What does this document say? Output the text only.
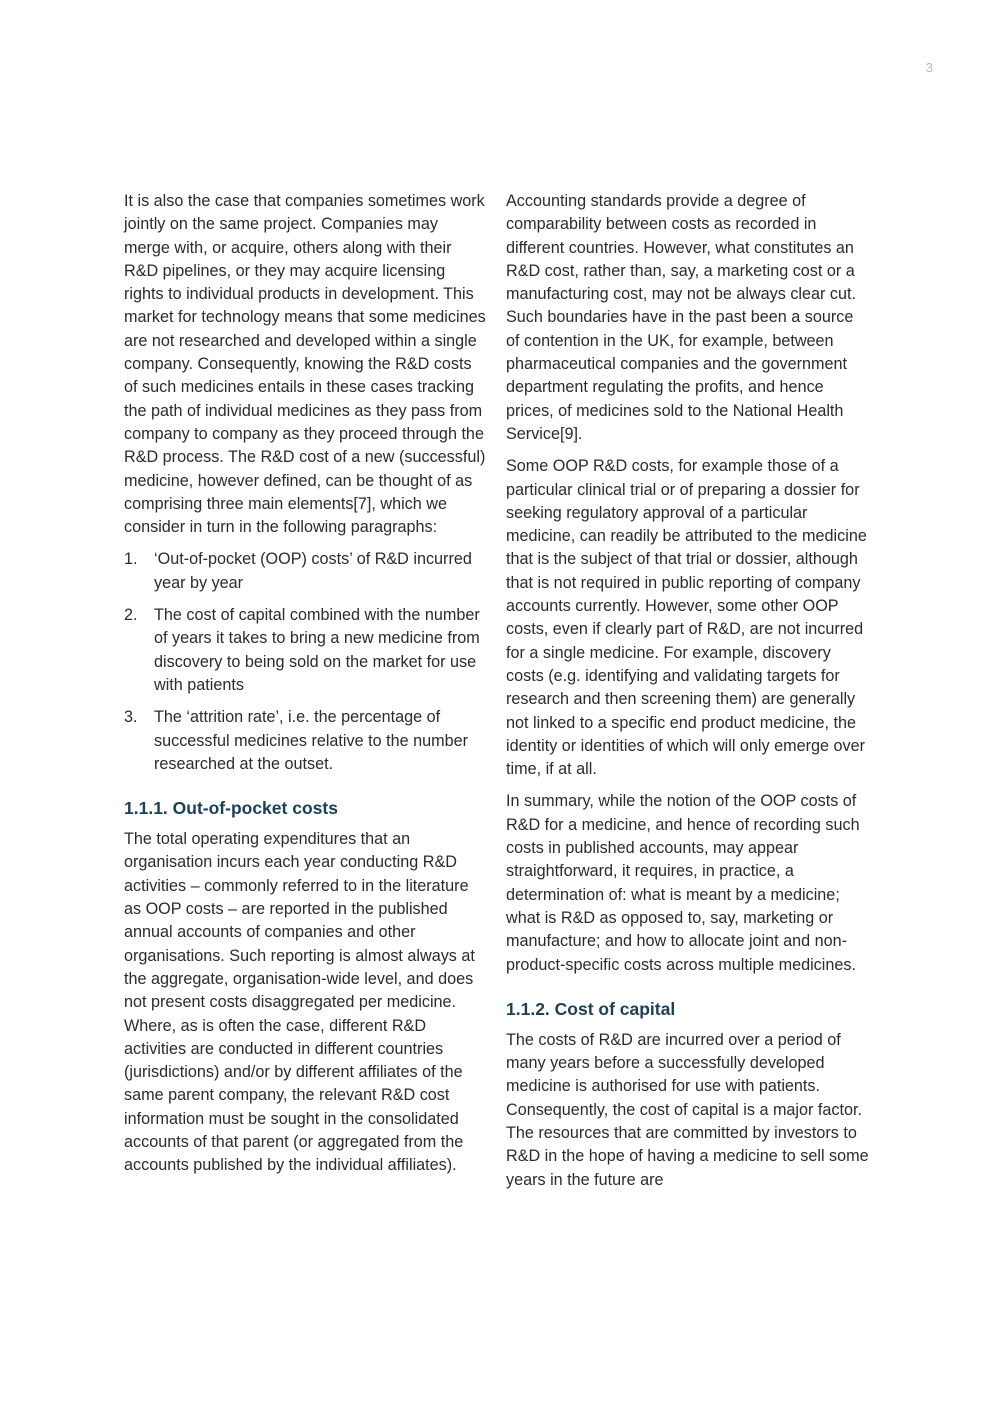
3

It is also the case that companies sometimes work jointly on the same project. Companies may merge with, or acquire, others along with their R&D pipelines, or they may acquire licensing rights to individual products in development. This market for technology means that some medicines are not researched and developed within a single company. Consequently, knowing the R&D costs of such medicines entails in these cases tracking the path of individual medicines as they pass from company to company as they proceed through the R&D process. The R&D cost of a new (successful) medicine, however defined, can be thought of as comprising three main elements[7], which we consider in turn in the following paragraphs:

1. ‘Out-of-pocket (OOP) costs’ of R&D incurred year by year
2. The cost of capital combined with the number of years it takes to bring a new medicine from discovery to being sold on the market for use with patients
3. The ‘attrition rate’, i.e. the percentage of successful medicines relative to the number researched at the outset.
1.1.1. Out-of-pocket costs

The total operating expenditures that an organisation incurs each year conducting R&D activities – commonly referred to in the literature as OOP costs – are reported in the published annual accounts of companies and other organisations. Such reporting is almost always at the aggregate, organisation-wide level, and does not present costs disaggregated per medicine. Where, as is often the case, different R&D activities are conducted in different countries (jurisdictions) and/or by different affiliates of the same parent company, the relevant R&D cost information must be sought in the consolidated accounts of that parent (or aggregated from the accounts published by the individual affiliates).

Accounting standards provide a degree of comparability between costs as recorded in different countries. However, what constitutes an R&D cost, rather than, say, a marketing cost or a manufacturing cost, may not be always clear cut. Such boundaries have in the past been a source of contention in the UK, for example, between pharmaceutical companies and the government department regulating the profits, and hence prices, of medicines sold to the National Health Service[9].

Some OOP R&D costs, for example those of a particular clinical trial or of preparing a dossier for seeking regulatory approval of a particular medicine, can readily be attributed to the medicine that is the subject of that trial or dossier, although that is not required in public reporting of company accounts currently. However, some other OOP costs, even if clearly part of R&D, are not incurred for a single medicine. For example, discovery costs (e.g. identifying and validating targets for research and then screening them) are generally not linked to a specific end product medicine, the identity or identities of which will only emerge over time, if at all.

In summary, while the notion of the OOP costs of R&D for a medicine, and hence of recording such costs in published accounts, may appear straightforward, it requires, in practice, a determination of: what is meant by a medicine; what is R&D as opposed to, say, marketing or manufacture; and how to allocate joint and non-product-specific costs across multiple medicines.

1.1.2. Cost of capital

The costs of R&D are incurred over a period of many years before a successfully developed medicine is authorised for use with patients. Consequently, the cost of capital is a major factor. The resources that are committed by investors to R&D in the hope of having a medicine to sell some years in the future are
